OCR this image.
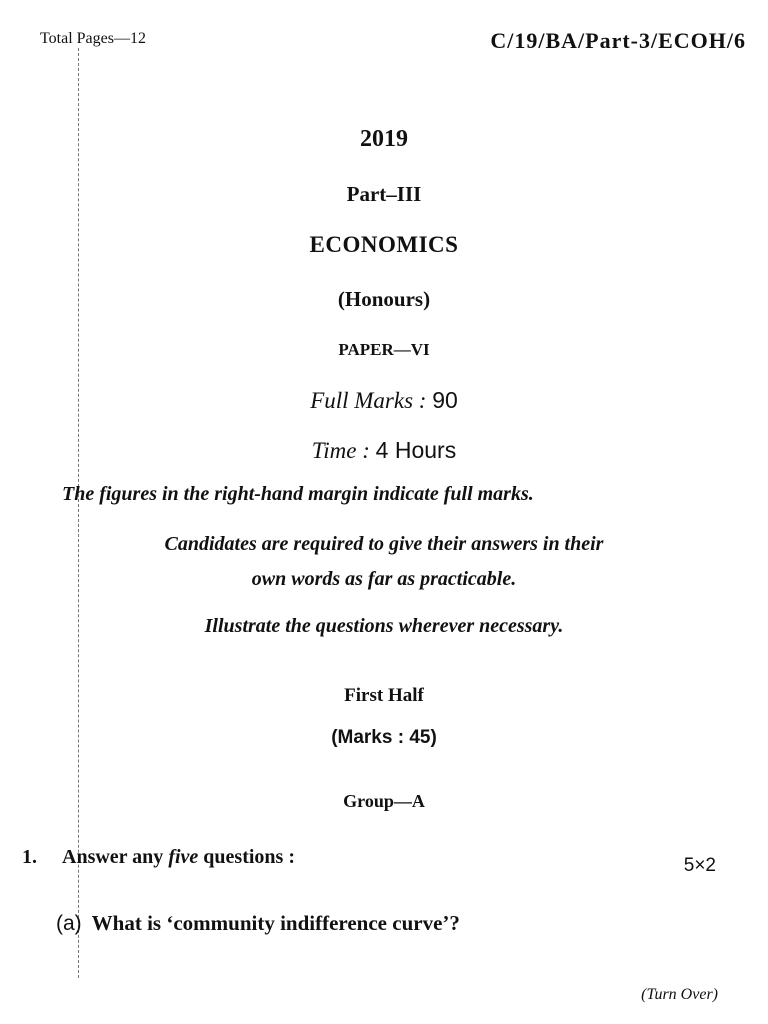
Total Pages—12	C/19/BA/Part-3/ECOH/6
2019
Part–III
ECONOMICS
(Honours)
PAPER—VI
Full Marks : 90
Time : 4 Hours
The figures in the right-hand margin indicate full marks.
Candidates are required to give their answers in their
own words as far as practicable.
Illustrate the questions wherever necessary.
First Half
(Marks : 45)
Group—A
1. Answer any five questions :	5×2
(a) What is ‘community indifference curve’?
(Turn Over)
